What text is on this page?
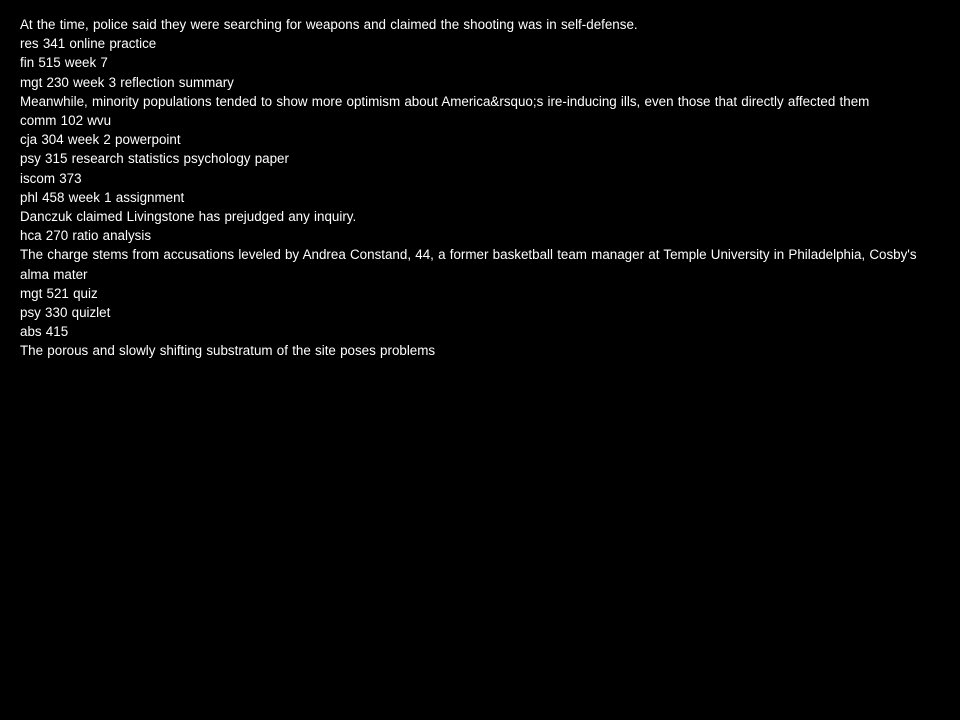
At the time, police said they were searching for weapons and claimed the shooting was in self-defense.

res 341 online practice

fin 515 week 7

mgt 230 week 3 reflection summary

Meanwhile, minority populations tended to show more optimism about America&rsquo;s ire-inducing ills, even those that directly affected them

comm 102 wvu

cja 304 week 2 powerpoint

psy 315 research statistics psychology paper

iscom 373

phl 458 week 1 assignment

Danczuk claimed Livingstone has prejudged any inquiry.

hca 270 ratio analysis

The charge stems from accusations leveled by Andrea Constand, 44, a former basketball team manager at Temple University in Philadelphia, Cosby's alma mater

mgt 521 quiz

psy 330 quizlet

abs 415

The porous and slowly shifting substratum of the site poses problems
